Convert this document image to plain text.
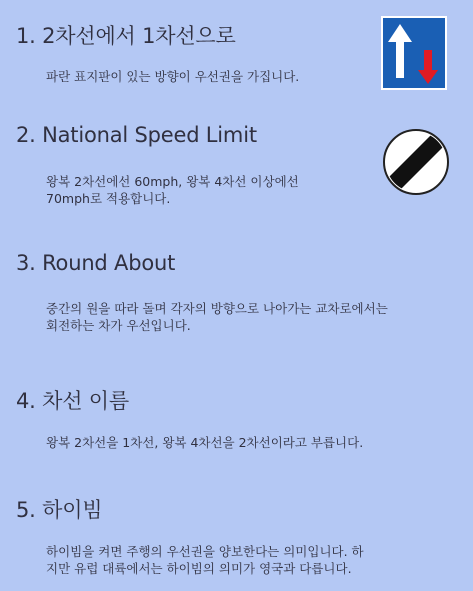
1. 2차선에서 1차선으로
파란 표지판이 있는 방향이 우선권을 가집니다.
2. National Speed Limit
왕복 2차선에선 60mph, 왕복 4차선 이상에선
70mph로 적용합니다.
3. Round About
중간의 원을 따라 돌며 각자의 방향으로 나아가는 교차로에서는
회전하는 차가 우선입니다.
4. 차선 이름
왕복 2차선을 1차선, 왕복 4차선을 2차선이라고 부릅니다.
5. 하이빔
하이빔을 켜면 주행의 우선권을 양보한다는 의미입니다. 하
지만 유럽 대륙에서는 하이빔의 의미가 영국과 다릅니다.
